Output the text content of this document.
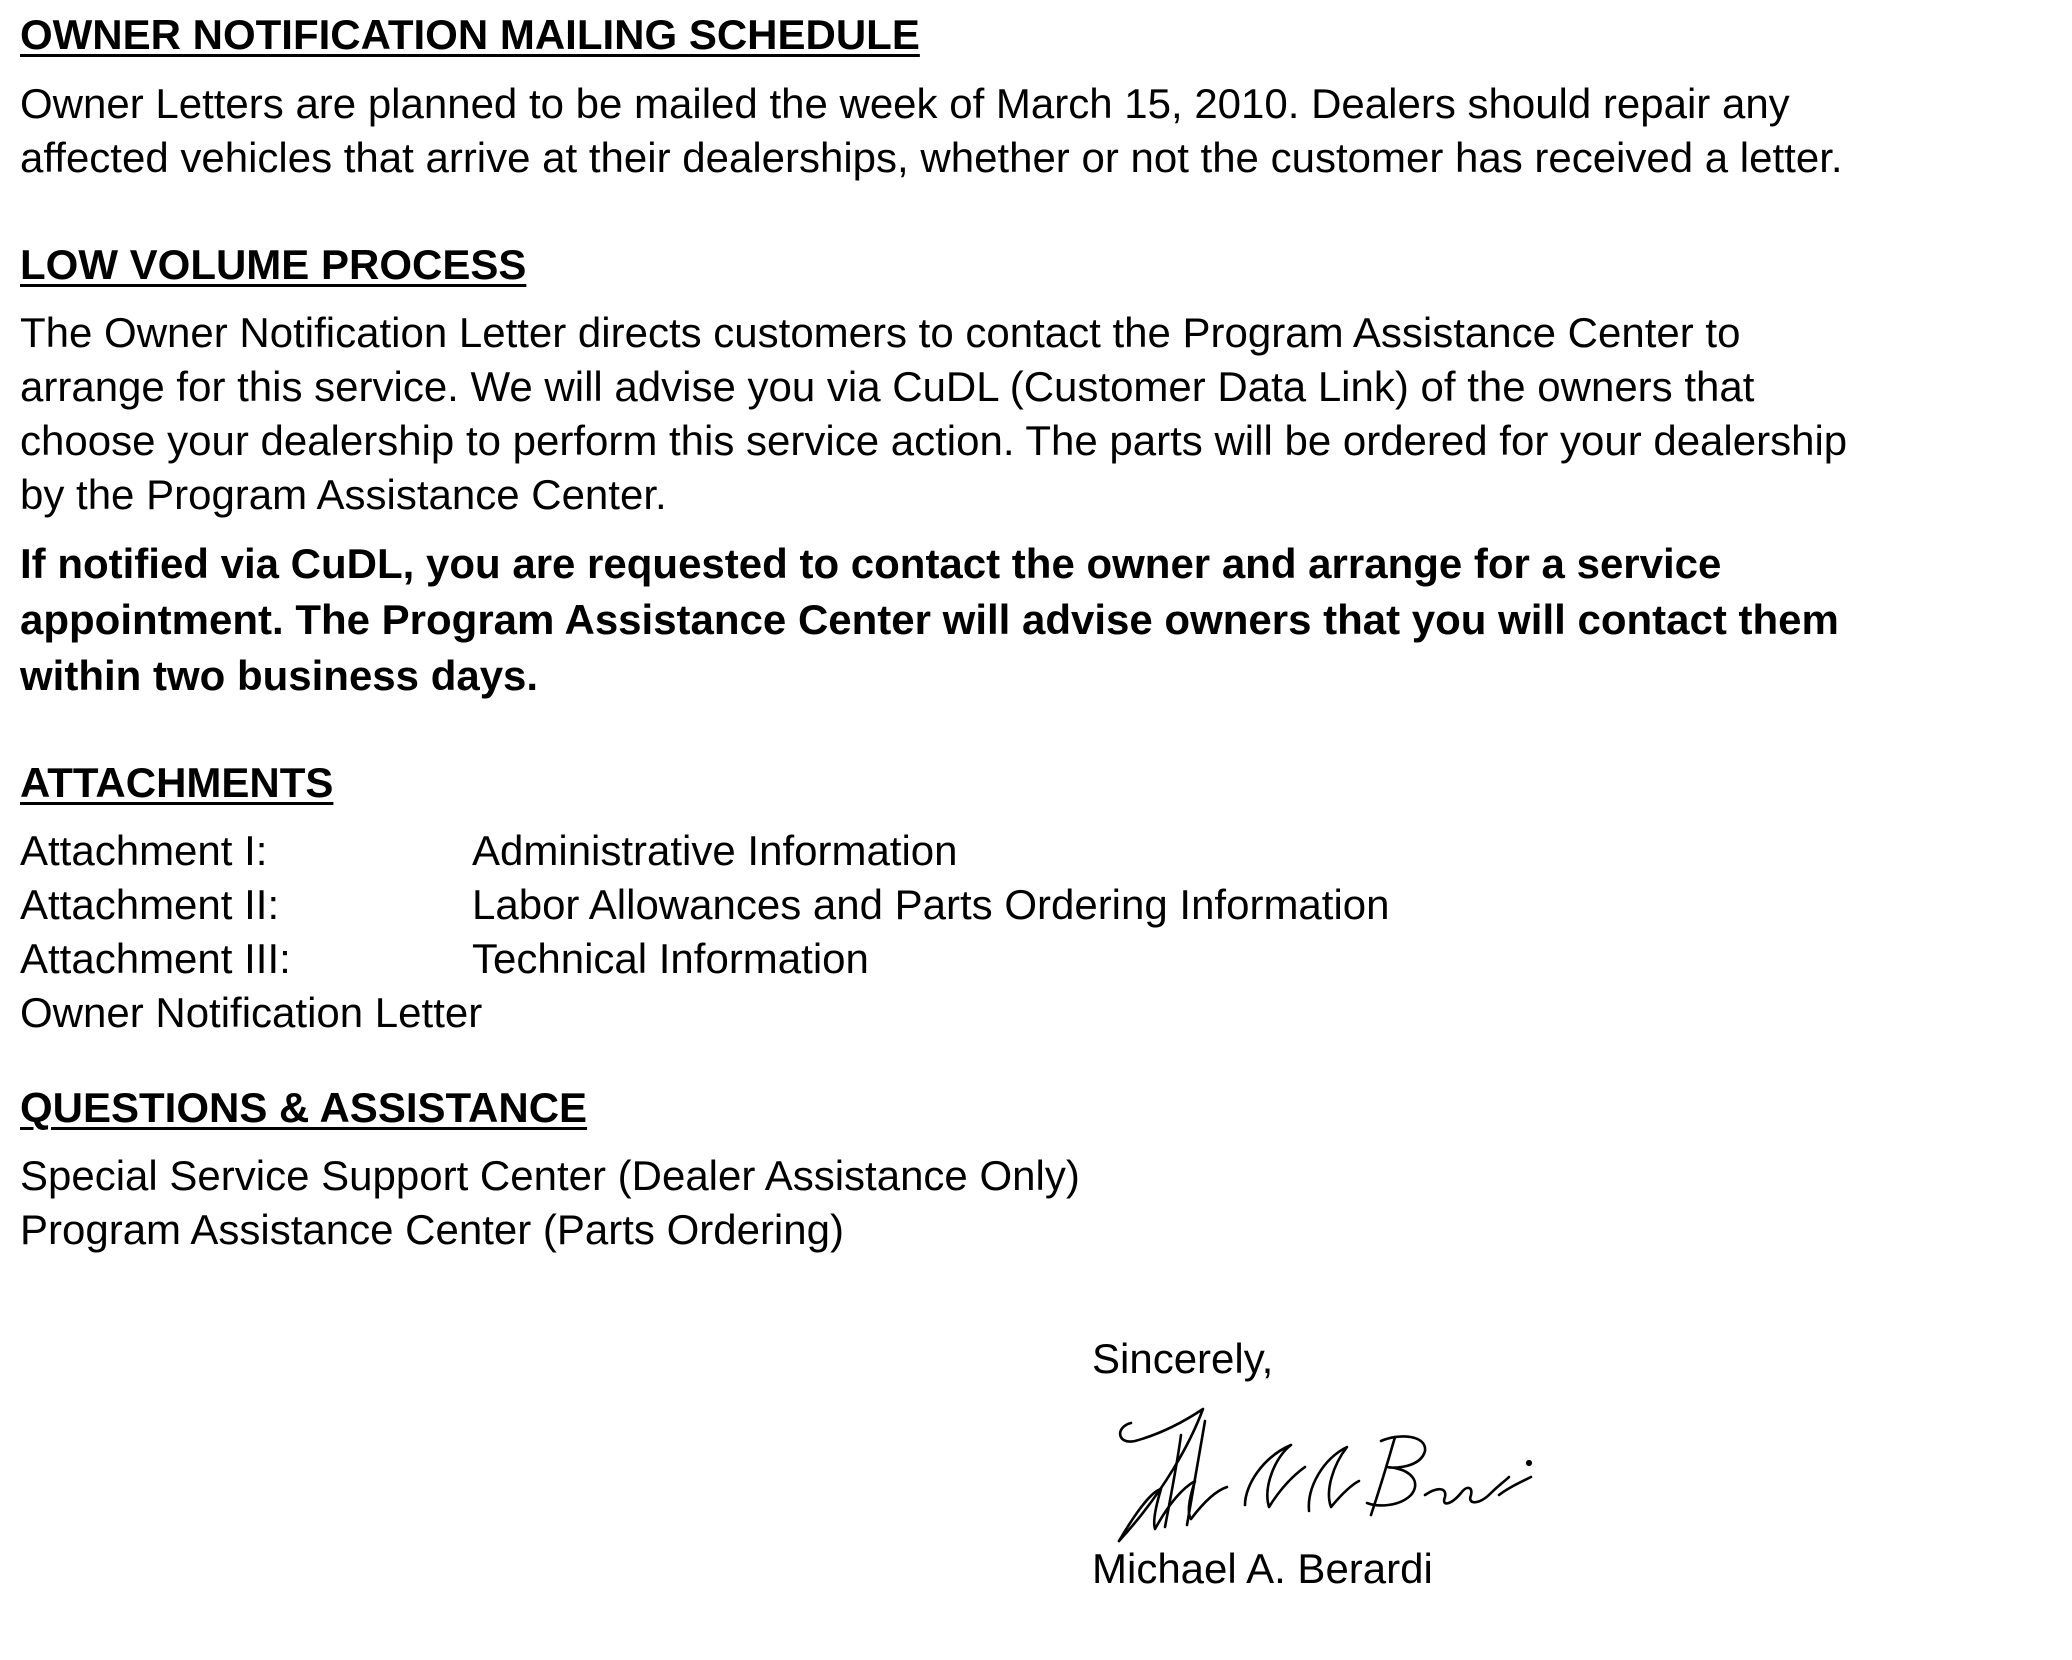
OWNER NOTIFICATION MAILING SCHEDULE

Owner Letters are planned to be mailed the week of March 15, 2010. Dealers should repair any
affected vehicles that arrive at their dealerships, whether or not the customer has received a letter.

LOW VOLUME PROCESS

The Owner Notification Letter directs customers to contact the Program Assistance Center to
arrange for this service. We will advise you via CuDL (Customer Data Link) of the owners that
choose your dealership to perform this service action. The parts will be ordered for your dealership
by the Program Assistance Center.

If notified via CuDL, you are requested to contact the owner and arrange for a service
appointment. The Program Assistance Center will advise owners that you will contact them
within two business days.

ATTACHMENTS
Attachment I:	Administrative Information
Attachment II:	Labor Allowances and Parts Ordering Information
Attachment III:	Technical Information
Owner Notification Letter
QUESTIONS & ASSISTANCE

Special Service Support Center (Dealer Assistance Only)
Program Assistance Center (Parts Ordering)

Sincerely,
Michael A. Berardi
